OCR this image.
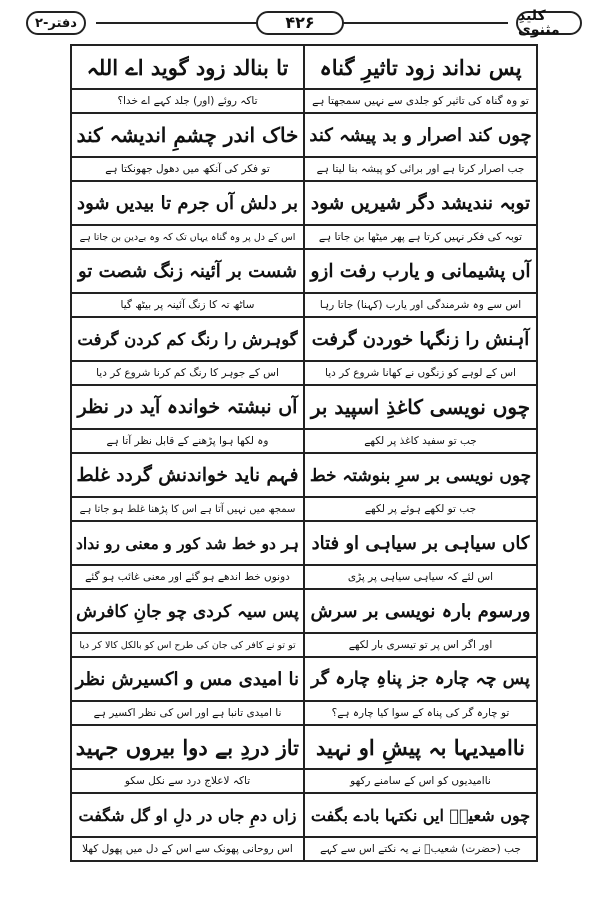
دفتر-۲	۴۲۶	کلیدِ مثنوی
پس نداند زود تاثیرِ گناہ	تا بنالد زود گوید اے اللہ
تو وہ گناہ کی تاثیر کو جلدی سے نہیں سمجھتا ہے	تاکہ روئے (اور) جلد کہے اے خدا؟
چوں کند اصرار و بد پیشہ کند	خاک اندر چشمِ اندیشہ کند
جب اصرار کرتا ہے اور برائی کو پیشہ بنا لیتا ہے	تو فکر کی آنکھ میں دھول جھونکتا ہے
توبہ نندیشد دگر شیریں شود	بر دلش آں جرم تا بیدیں شود
توبہ کی فکر نہیں کرتا ہے پھر میٹھا بن جاتا ہے	اس کے دل پر وہ گناہ یہاں تک کہ وہ بےدین بن جاتا ہے
آں پشیمانی و یارب رفت ازو	شست بر آئینہ زنگ شصت تو
اس سے وہ شرمندگی اور یارب (کہنا) جاتا رہا	ساٹھ تہ کا زنگ آئینہ پر بیٹھ گیا
آہنش را زنگہا خوردن گرفت	گوہرش را رنگ کم کردن گرفت
اس کے لوہے کو زنگوں نے کھانا شروع کر دیا	اس کے جوہر کا رنگ کم کرنا شروع کر دیا
چوں نویسی کاغذِ اسپید بر	آں نبشتہ خواندہ آید در نظر
جب تو سفید کاغذ پر لکھے	وہ لکھا ہوا پڑھنے کے قابل نظر آتا ہے
چوں نویسی بر سرِ بنوشتہ خط	فہم ناید خواندنش گردد غلط
جب تو لکھے ہوئے پر لکھے	سمجھ میں نہیں آتا ہے اس کا پڑھنا غلط ہو جاتا ہے
کاں سیاہی بر سیاہی او فتاد	ہر دو خط شد کور و معنی رو نداد
اس لئے کہ سیاہی سیاہی پر پڑی	دونوں خط اندھے ہو گئے اور معنی غائب ہو گئے
ورسوم بارہ نویسی بر سرش	پس سیہ کردی چو جانِ کافرش
اور اگر اس پر تو تیسری بار لکھے	تو تو نے کافر کی جان کی طرح اس کو بالکل کالا کر دیا
پس چہ چارہ جز پناہِ چارہ گر	نا امیدی مس و اکسیرش نظر
تو چارہ گر کی پناہ کے سوا کیا چارہ ہے؟	نا امیدی تانبا ہے اور اس کی نظر اکسیر ہے
ناامیدیہا بہ پیشِ او نہید	تاز دردِ بے دوا بیروں جہید
ناامیدیوں کو اس کے سامنے رکھو	تاکہ لاعلاج درد سے نکل سکو
چوں شعیبؑ ایں نکتہا بادے بگفت	زاں دمِ جاں در دلِ او گل شگفت
جب (حضرت) شعیبؑ نے یہ نکتے اس سے کہے	اس روحانی پھونک سے اس کے دل میں پھول کھلا
